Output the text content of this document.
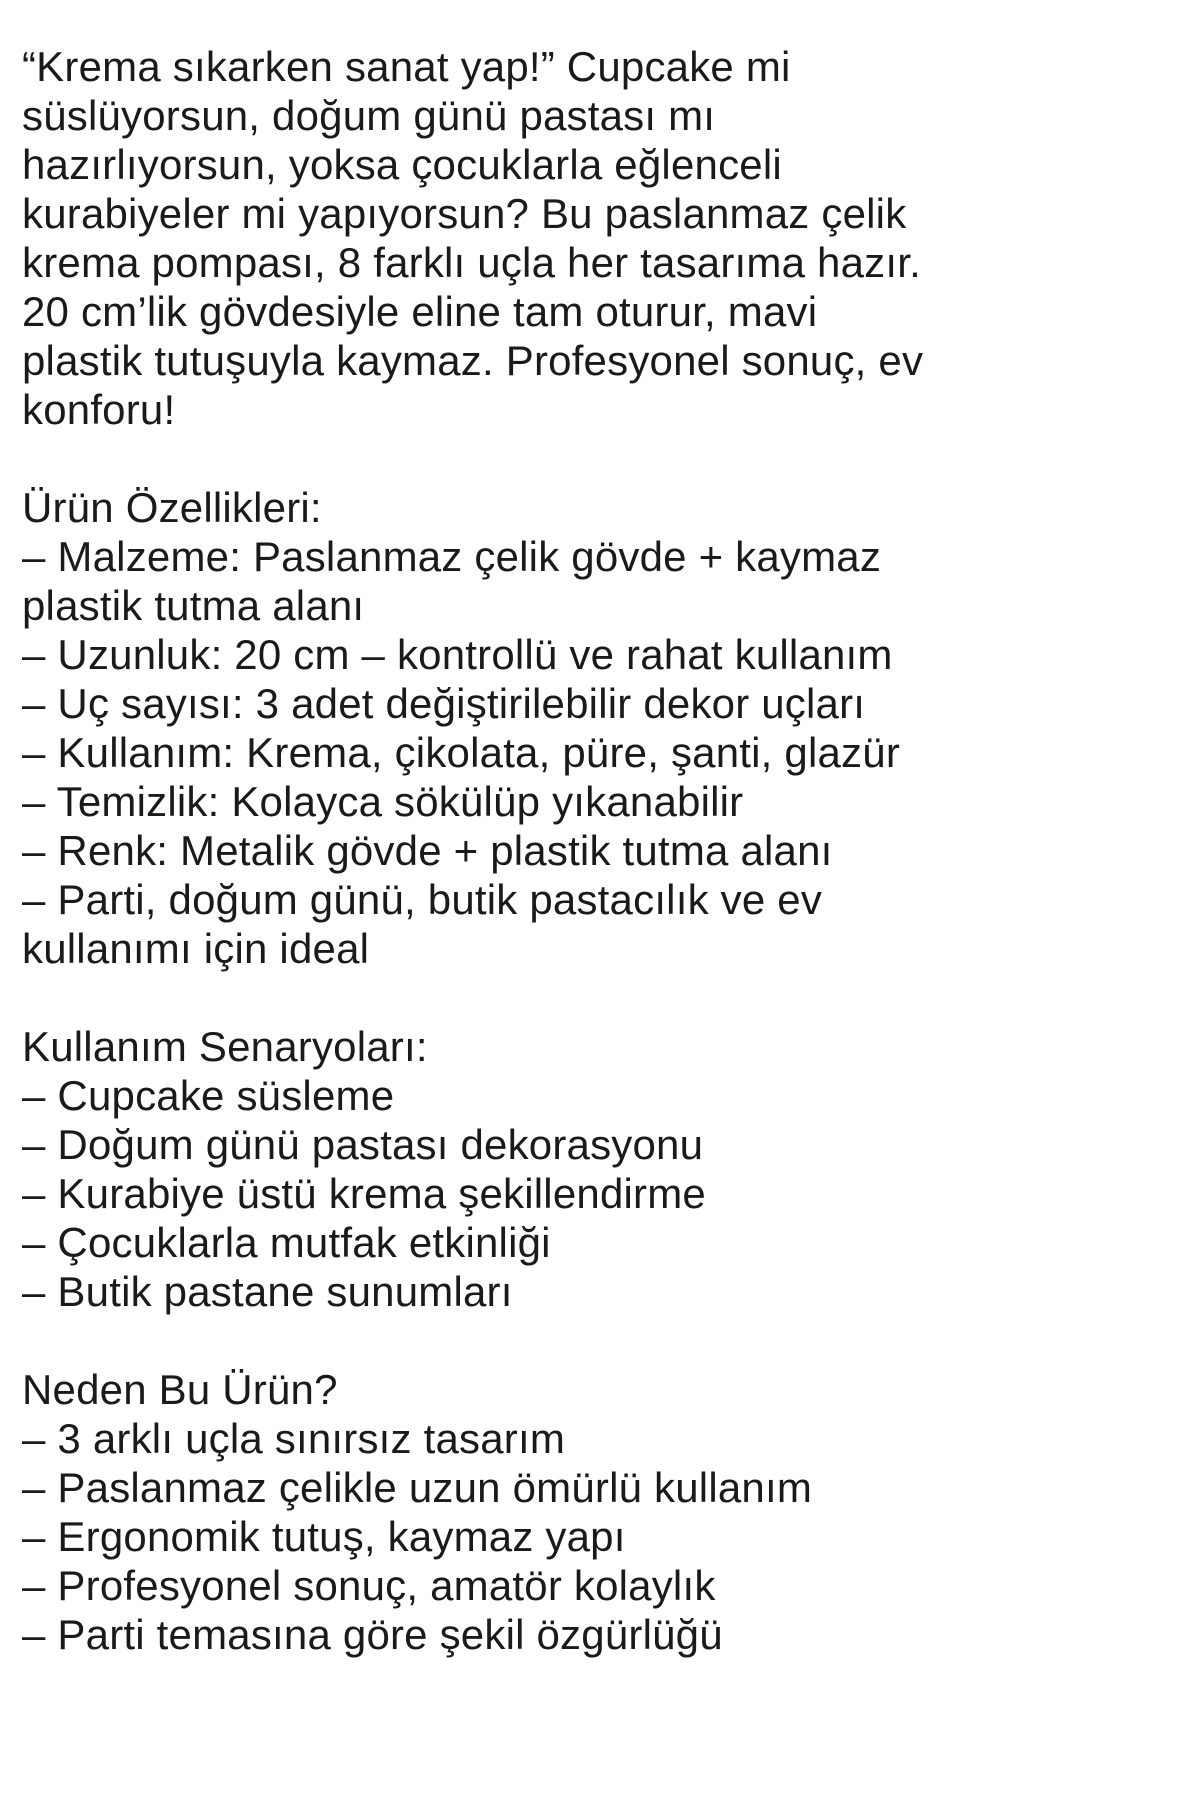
“Krema sıkarken sanat yap!” Cupcake mi
süslüyorsun, doğum günü pastası mı
hazırlıyorsun, yoksa çocuklarla eğlenceli
kurabiyeler mi yapıyorsun? Bu paslanmaz çelik
krema pompası, 8 farklı uçla her tasarıma hazır.
20 cm’lik gövdesiyle eline tam oturur, mavi
plastik tutuşuyla kaymaz. Profesyonel sonuç, ev
konforu!
Ürün Özellikleri:
– Malzeme: Paslanmaz çelik gövde + kaymaz
plastik tutma alanı
– Uzunluk: 20 cm – kontrollü ve rahat kullanım
– Uç sayısı: 3 adet değiştirilebilir dekor uçları
– Kullanım: Krema, çikolata, püre, şanti, glazür
– Temizlik: Kolayca sökülüp yıkanabilir
– Renk: Metalik gövde + plastik tutma alanı
– Parti, doğum günü, butik pastacılık ve ev
kullanımı için ideal
Kullanım Senaryoları:
– Cupcake süsleme
– Doğum günü pastası dekorasyonu
– Kurabiye üstü krema şekillendirme
– Çocuklarla mutfak etkinliği
– Butik pastane sunumları
Neden Bu Ürün?
– 3 arklı uçla sınırsız tasarım
– Paslanmaz çelikle uzun ömürlü kullanım
– Ergonomik tutuş, kaymaz yapı
– Profesyonel sonuç, amatör kolaylık
– Parti temasına göre şekil özgürlüğü
